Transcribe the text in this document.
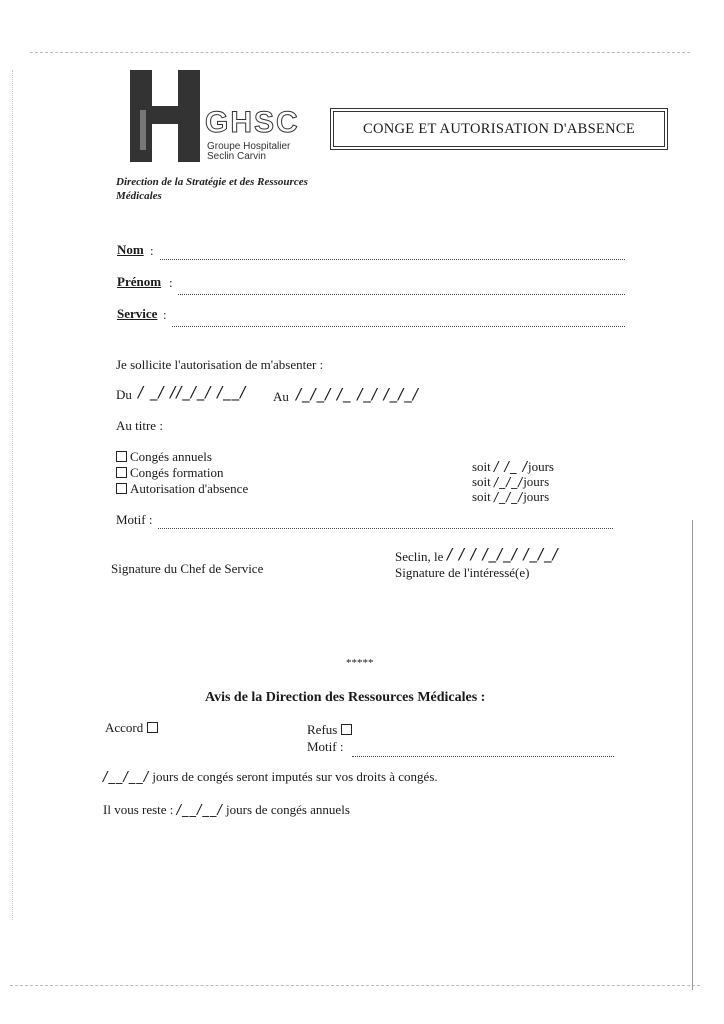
GHSC
Groupe Hospitalier
Seclin Carvin
Direction de la Stratégie et des Ressources
Médicales
CONGE ET AUTORISATION D'ABSENCE
Nom :
Prénom :
Service :
Je sollicite l'autorisation de m'absenter :
Du / _/ //_/_/ /__/ Au /_/_/ /_ /_/ /_/_/
Au titre :
Congés annuels
Congés formation
Autorisation d'absence
soit / /_ /jours
soit /_/_/jours
soit /_/_/jours
Motif :
Signature du Chef de Service
Seclin, le / / / /_/_/ /_/_/
Signature de l'intéressé(e)
*****
Avis de la Direction des Ressources Médicales :
Accord	Refus
Motif :
/__/__/ jours de congés seront imputés sur vos droits à congés.
Il vous reste : /__/__/ jours de congés annuels
